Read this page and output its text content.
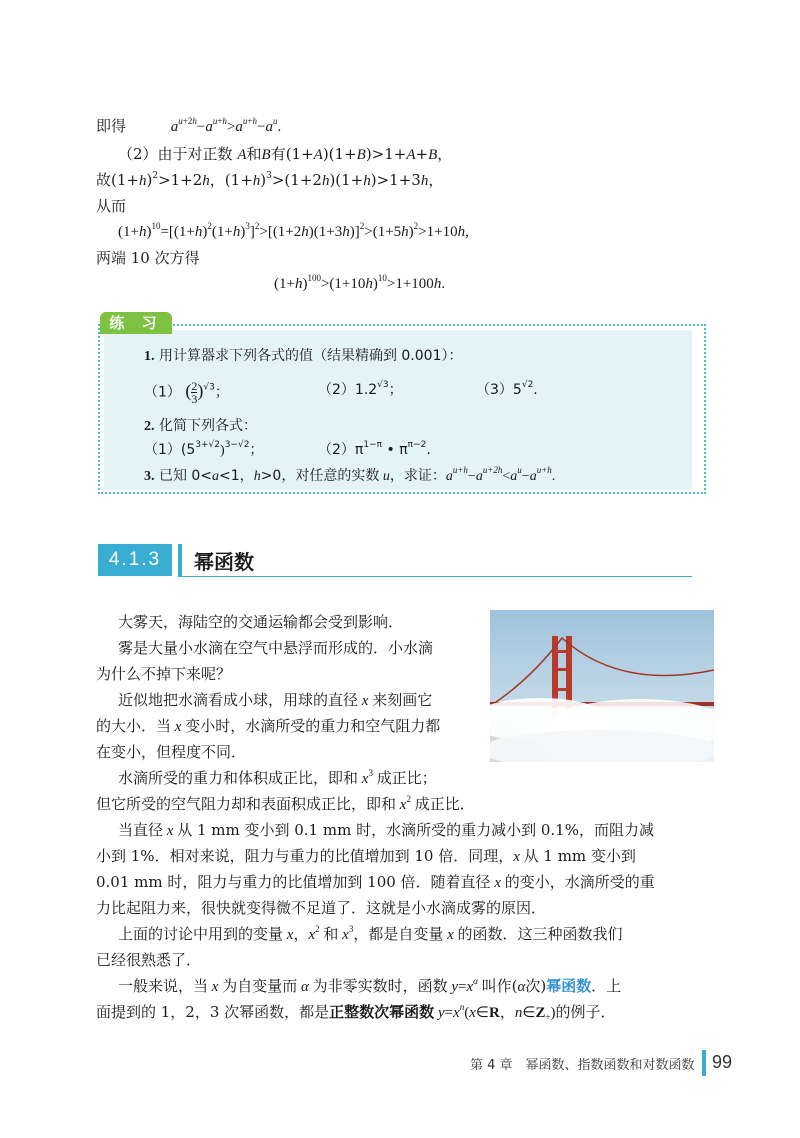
即得	$a^{u+2h}-a^{u+h}>a^{u+h}-a^u$.
（2）由于对正数 A和B有(1+A)(1+B)>1+A+B，
故$(1+h)^2>1+2h$，$(1+h)^3>(1+2h)(1+h)>1+3h$，
从而
$(1+h)^{10}=[(1+h)^2(1+h)^3]^2>[(1+2h)(1+3h)]^2>(1+5h)^2>1+10h$,
两端 10 次方得
$(1+h)^{100}>(1+10h)^{10}>1+100h$.
练 习
1. 用计算器求下列各式的值（结果精确到 0.001）：
（1） ( $\frac{2}{3} )^{√3}$；	$(2)1.2^{√3}$；	$(3)5^{√2}$.
2. 化简下列各式：
$(1)(5^{3+√2})^{3-√2}$；	$(2)\pi^{1-\pi}$ • $\pi^{\pi-2}$.
3. 已知 0<a<1，h>0，对任意的实数 u，求证：$a^{u+h}-a^{u+2h}<a^u-a^{u+h}$.
4.1.3	幂函数
大雾天，海陆空的交通运输都会受到影响．
雾是大量小水滴在空气中悬浮而形成的．小水滴
为什么不掉下来呢？
近似地把水滴看成小球，用球的直径 x 来刻画它
的大小．当 x 变小时，水滴所受的重力和空气阻力都
在变小，但程度不同．
水滴所受的重力和体积成正比，即和 $x^3$ 成正比；
但它所受的空气阻力却和表面积成正比，即和 $x^2$ 成正比．
当直径 x 从 1 mm 变小到 0.1 mm 时，水滴所受的重力减小到 0.1%，而阻力减
小到 1%．相对来说，阻力与重力的比值增加到 10 倍．同理，x 从 1 mm 变小到
0.01 mm 时，阻力与重力的比值增加到 100 倍．随着直径 x 的变小，水滴所受的重
力比起阻力来，很快就变得微不足道了．这就是小水滴成雾的原因．
上面的讨论中用到的变量 x，$x^2$ 和 $x^3$，都是自变量 x 的函数．这三种函数我们
已经很熟悉了．
一般来说，当 x 为自变量而 α 为非零实数时，函数 $y=x^\alpha$ 叫作(α次)幂函数．上
面提到的 1，2，3 次幂函数，都是正整数次幂函数 $y=x^n(x\in R$，$n\in Z_+$)的例子．
第 4 章　幂函数、指数函数和对数函数 99
